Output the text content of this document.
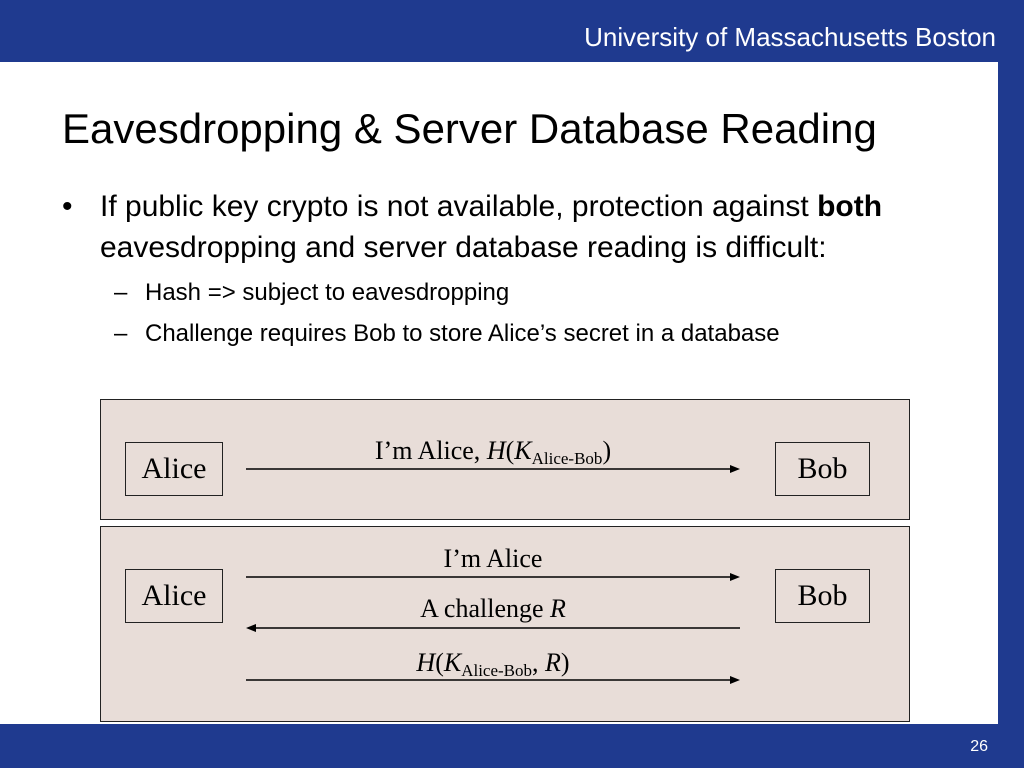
University of Massachusetts Boston
26
Eavesdropping & Server Database Reading
• If public key crypto is not available, protection against both eavesdropping and server database reading is difficult:
– Hash => subject to eavesdropping
– Challenge requires Bob to store Alice’s secret in a database
Alice	Bob
I’m Alice, $H(K_{Alice-Bob})$
Alice	Bob
I’m Alice
A challenge R
$H(K_{Alice-Bob}$, R)
